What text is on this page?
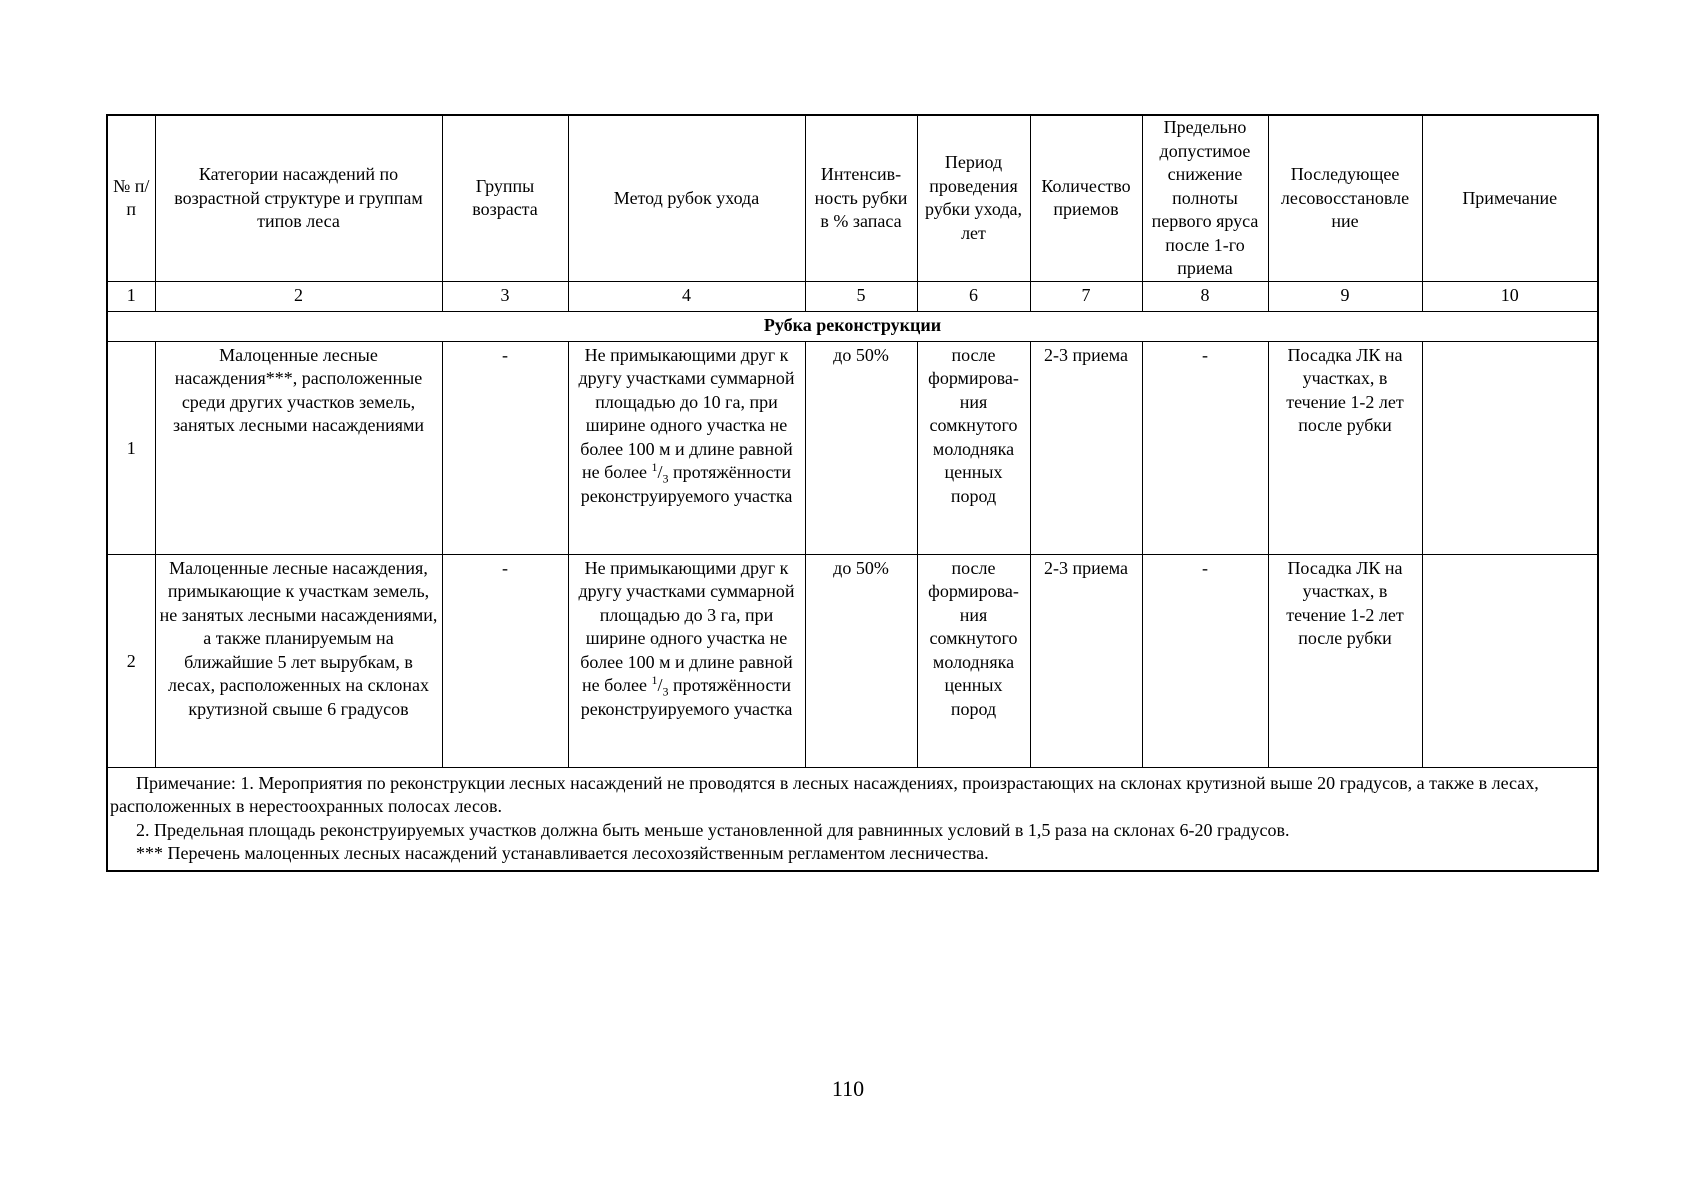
№ п/п	Категории насаждений по возрастной структуре и группам типов леса	Группы возраста	Метод рубок ухода	Интенсив-ность рубки в % запаса	Период проведения рубки ухода, лет	Количество приемов	Предельно допустимое снижение полноты первого яруса после 1-го приема	Последующее лесовосстановле ние	Примечание
1	2	3	4	5	6	7	8	9	10
Рубка реконструкции									
1	Малоценные лесные насаждения***, расположенные среди других участков земель, занятых лесными насаждениями	-	Не примыкающими друг к другу участками суммарной площадью до 10 га, при ширине одного участка не более 100 м и длине равной не более $^1/_3$ протяжённости реконструируемого участка	до 50%	после формирова-ния сомкнутого молодняка ценных пород	2-3 приема	-	Посадка ЛК на участках, в течение 1-2 лет после рубки	
2	Малоценные лесные насаждения, примыкающие к участкам земель, не занятых лесными насаждениями, а также планируемым на ближайшие 5 лет вырубкам, в лесах, расположенных на склонах крутизной свыше 6 градусов	-	Не примыкающими друг к другу участками суммарной площадью до 3 га, при ширине одного участка не более 100 м и длине равной не более $^1/_3$ протяжённости реконструируемого участка	до 50%	после формирова-ния сомкнутого молодняка ценных пород	2-3 приема	-	Посадка ЛК на участках, в течение 1-2 лет после рубки	

Примечание: 1. Мероприятия по реконструкции лесных насаждений не проводятся в лесных насаждениях, произрастающих на склонах крутизной выше 20 градусов, а также в лесах, расположенных в нерестоохранных полосах лесов.

2. Предельная площадь реконструируемых участков должна быть меньше установленной для равнинных условий в 1,5 раза на склонах 6-20 градусов.

*** Перечень малоценных лесных насаждений устанавливается лесохозяйственным регламентом лесничества.									

110
